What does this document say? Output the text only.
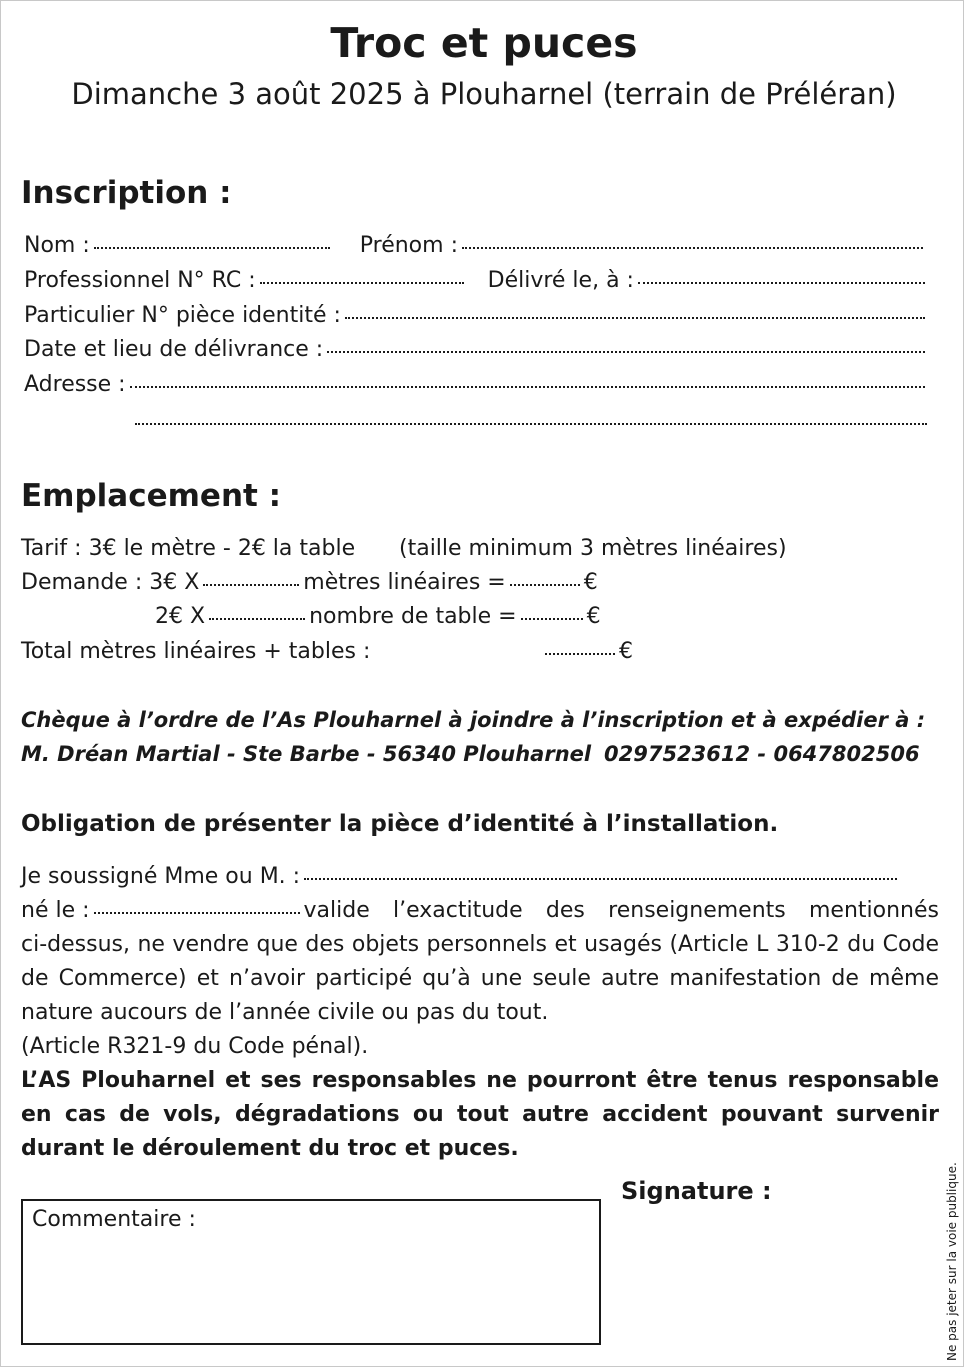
Troc et puces
Dimanche 3 août 2025 à Plouharnel (terrain de Préléran)
Inscription :
Nom :	Prénom :
Professionnel N° RC :	Délivré le, à :
Particulier N° pièce identité :
Date et lieu de délivrance :
Adresse :
Emplacement :
Tarif : 3€ le mètre - 2€ la table (taille minimum 3 mètres linéaires)
Demande : 3€ X	mètres linéaires =	€
2€ X	nombre de table =	€
Total mètres linéaires + tables :	€
Chèque à l’ordre de l’As Plouharnel à joindre à l’inscription et à expédier à :
M. Dréan Martial - Ste Barbe - 56340 Plouharnel 0297523612 - 0647802506
Obligation de présenter la pièce d’identité à l’installation.
Je soussigné Mme ou M. :
né le :	valide l’exactitude des renseignements mentionnés
ci-dessus, ne vendre que des objets personnels et usagés (Article L 310-2 du Code de Commerce) et n’avoir participé qu’à une seule autre manifestation de même nature aucours de l’année civile ou pas du tout.
(Article R321-9 du Code pénal).
L’AS Plouharnel et ses responsables ne pourront être tenus responsable en cas de vols, dégradations ou tout autre accident pouvant survenir durant le déroulement du troc et puces.
Signature :
Commentaire :	Ne pas jeter sur la voie publique.
